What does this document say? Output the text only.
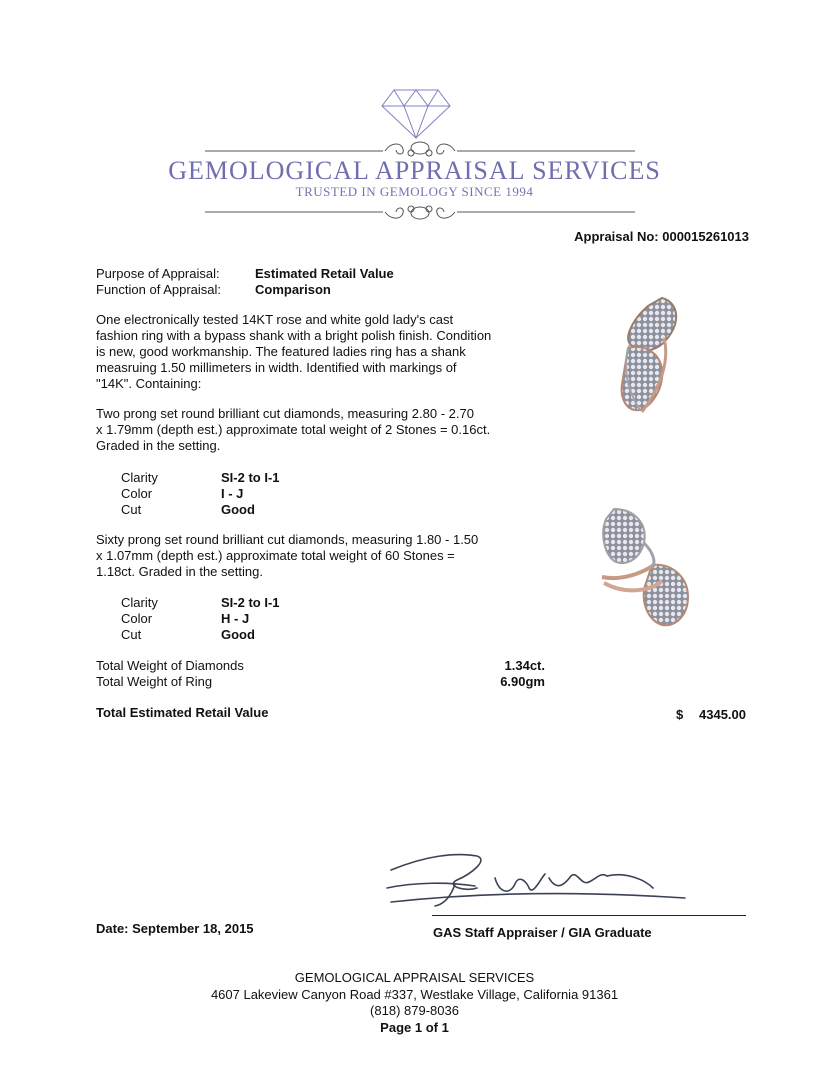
GEMOLOGICAL APPRAISAL SERVICES
TRUSTED IN GEMOLOGY SINCE 1994
Appraisal No: 000015261013
Purpose of Appraisal:	Estimated Retail Value
Function of Appraisal:	Comparison
One electronically tested 14KT rose and white gold lady's cast
fashion ring with a bypass shank with a bright polish finish. Condition
is new, good workmanship. The featured ladies ring has a shank
measruing 1.50 millimeters in width. Identified with markings of
"14K". Containing:
Two prong set round brilliant cut diamonds, measuring 2.80 - 2.70
x 1.79mm (depth est.) approximate total weight of 2 Stones = 0.16ct.
Graded in the setting.
Clarity	SI-2 to I-1
Color	I - J
Cut	Good
Sixty prong set round brilliant cut diamonds, measuring 1.80 - 1.50
x 1.07mm (depth est.) approximate total weight of 60 Stones =
1.18ct. Graded in the setting.
Clarity	SI-2 to I-1
Color	H - J
Cut	Good
Total Weight of Diamonds	1.34ct.
Total Weight of Ring	6.90gm
Total Estimated Retail Value	$ 4345.00
Date: September 18, 2015	GAS Staff Appraiser / GIA Graduate
GEMOLOGICAL APPRAISAL SERVICES
4607 Lakeview Canyon Road #337, Westlake Village, California 91361
(818) 879-8036
Page 1 of 1
